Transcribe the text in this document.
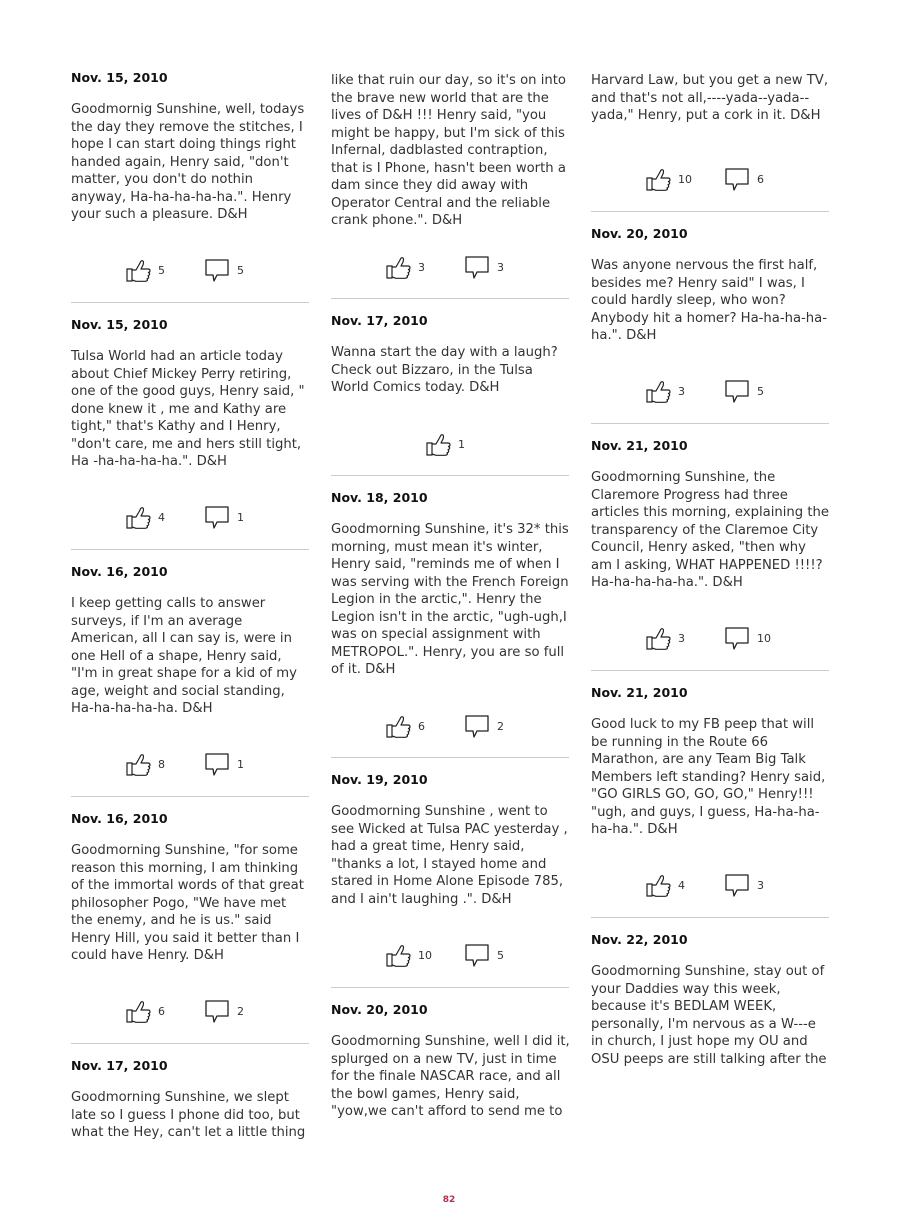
Nov. 15, 2010

Goodmornig Sunshine, well, todays the day they remove the stitches, I hope I can start doing things right handed again, Henry said, "don't matter, you don't do nothin anyway, Ha-ha-ha-ha-ha.". Henry your such a pleasure. D&H

5	5

Nov. 15, 2010

Tulsa World had an article today about Chief Mickey Perry retiring, one of the good guys, Henry said, " done knew it , me and Kathy are tight," that's Kathy and I Henry, "don't care, me and hers still tight, Ha -ha-ha-ha-ha.". D&H

4	1

Nov. 16, 2010

I keep getting calls to answer surveys, if I'm an average American, all I can say is, were in one Hell of a shape, Henry said, "I'm in great shape for a kid of my age, weight and social standing, Ha-ha-ha-ha-ha. D&H

8	1

Nov. 16, 2010

Goodmorning Sunshine, "for some reason this morning, I am thinking of the immortal words of that great philosopher Pogo, "We have met the enemy, and he is us." said Henry Hill, you said it better than I could have Henry. D&H

6	2

Nov. 17, 2010

Goodmorning Sunshine, we slept late so I guess I phone did too, but what the Hey, can't let a little thing

like that ruin our day, so it's on into the brave new world that are the lives of D&H !!! Henry said, "you might be happy, but I'm sick of this Infernal, dadblasted contraption, that is I Phone, hasn't been worth a dam since they did away with Operator Central and the reliable crank phone.". D&H

3	3

Nov. 17, 2010

Wanna start the day with a laugh? Check out Bizzaro, in the Tulsa World Comics today. D&H

1

Nov. 18, 2010

Goodmorning Sunshine, it's 32* this morning, must mean it's winter, Henry said, "reminds me of when I was serving with the French Foreign Legion in the arctic,". Henry the Legion isn't in the arctic, "ugh-ugh,I was on special assignment with METROPOL.". Henry, you are so full of it. D&H

6	2

Nov. 19, 2010

Goodmorning Sunshine , went to see Wicked at Tulsa PAC yesterday , had a great time, Henry said, "thanks a lot, I stayed home and stared in Home Alone Episode 785, and I ain't laughing .". D&H

10	5

Nov. 20, 2010

Goodmorning Sunshine, well I did it, splurged on a new TV, just in time for the finale NASCAR race, and all the bowl games, Henry said, "yow,we can't afford to send me to

Harvard Law, but you get a new TV, and that's not all,----yada--yada--yada," Henry, put a cork in it. D&H

10	6

Nov. 20, 2010

Was anyone nervous the first half, besides me? Henry said" I was, I could hardly sleep, who won? Anybody hit a homer? Ha-ha-ha-ha-ha.". D&H

3	5

Nov. 21, 2010

Goodmorning Sunshine, the Claremore Progress had three articles this morning, explaining the transparency of the Claremoe City Council, Henry asked, "then why am I asking, WHAT HAPPENED !!!!? Ha-ha-ha-ha-ha.". D&H

3	10

Nov. 21, 2010

Good luck to my FB peep that will be running in the Route 66 Marathon, are any Team Big Talk Members left standing? Henry said, "GO GIRLS GO, GO, GO," Henry!!! "ugh, and guys, I guess, Ha-ha-ha-ha-ha.". D&H

4	3

Nov. 22, 2010

Goodmorning Sunshine, stay out of your Daddies way this week, because it's BEDLAM WEEK, personally, I'm nervous as a W---e in church, I just hope my OU and OSU peeps are still talking after the

82
